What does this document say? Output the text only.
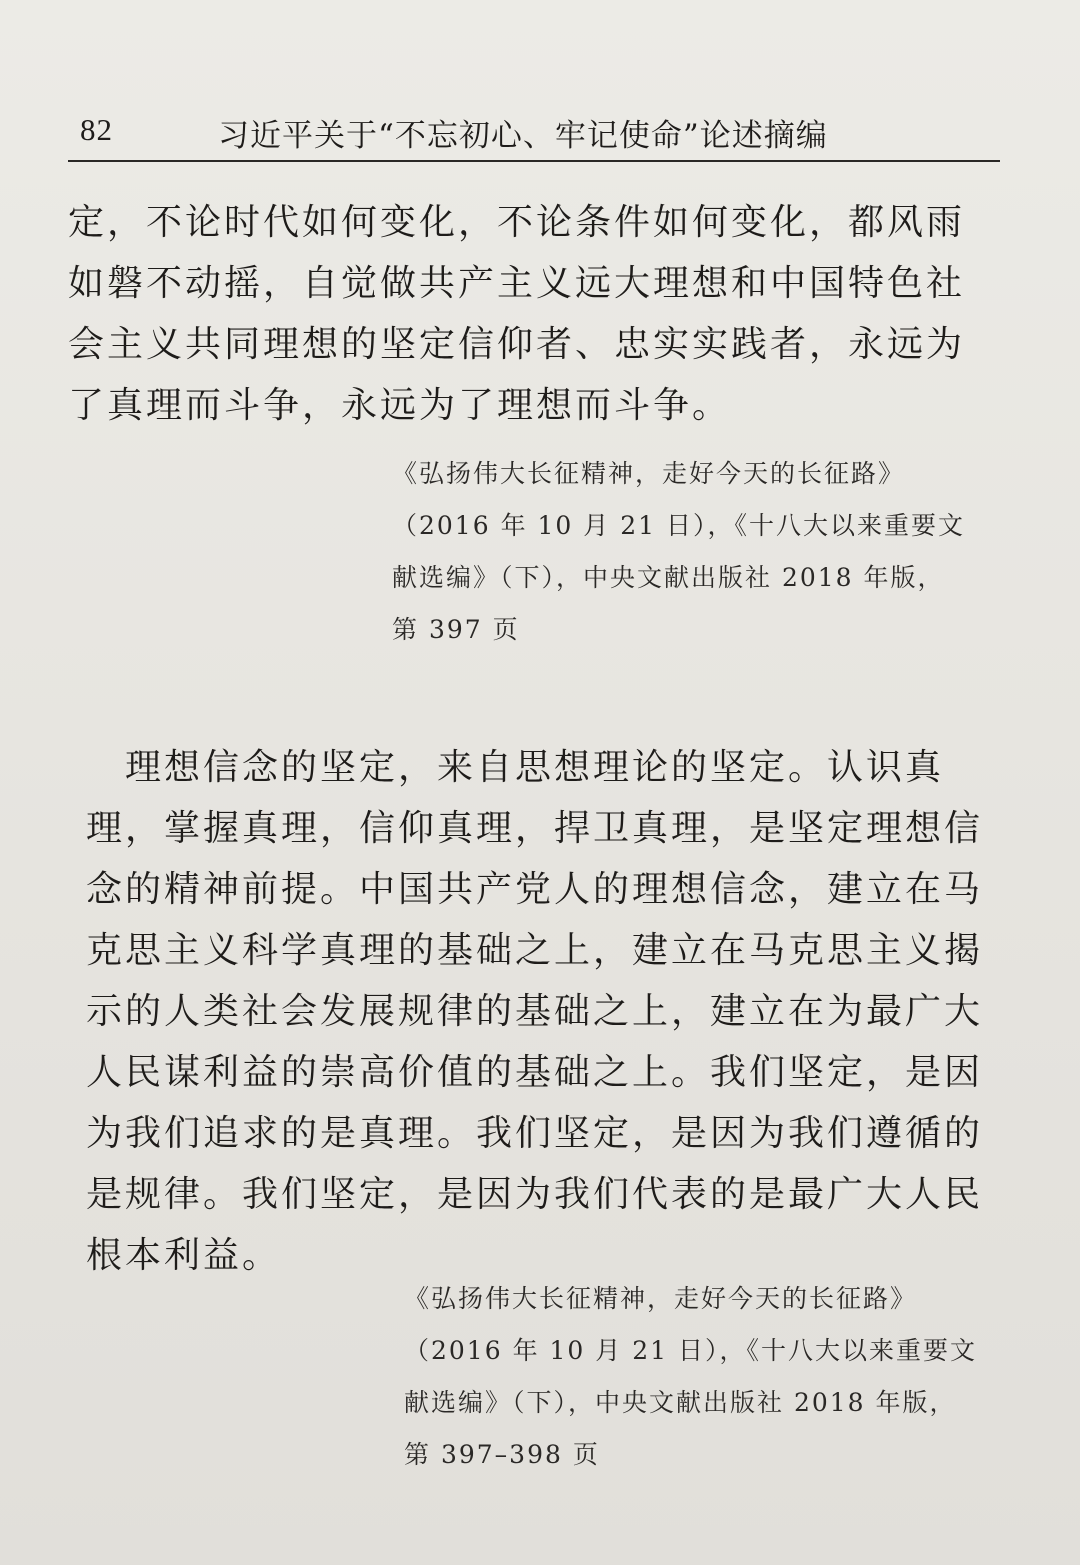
82	习近平关于“不忘初心、牢记使命”论述摘编
定，不论时代如何变化，不论条件如何变化，都风雨
如磐不动摇，自觉做共产主义远大理想和中国特色社
会主义共同理想的坚定信仰者、忠实实践者，永远为
了真理而斗争，永远为了理想而斗争。
《弘扬伟大长征精神，走好今天的长征路》
（2016 年 10 月 21 日），《十八大以来重要文
献选编》（下），中央文献出版社 2018 年版，
第 397 页
　理想信念的坚定，来自思想理论的坚定。认识真
理，掌握真理，信仰真理，捍卫真理，是坚定理想信
念的精神前提。中国共产党人的理想信念，建立在马
克思主义科学真理的基础之上，建立在马克思主义揭
示的人类社会发展规律的基础之上，建立在为最广大
人民谋利益的崇高价值的基础之上。我们坚定，是因
为我们追求的是真理。我们坚定，是因为我们遵循的
是规律。我们坚定，是因为我们代表的是最广大人民
根本利益。
《弘扬伟大长征精神，走好今天的长征路》
（2016 年 10 月 21 日），《十八大以来重要文
献选编》（下），中央文献出版社 2018 年版，
第 397–398 页
